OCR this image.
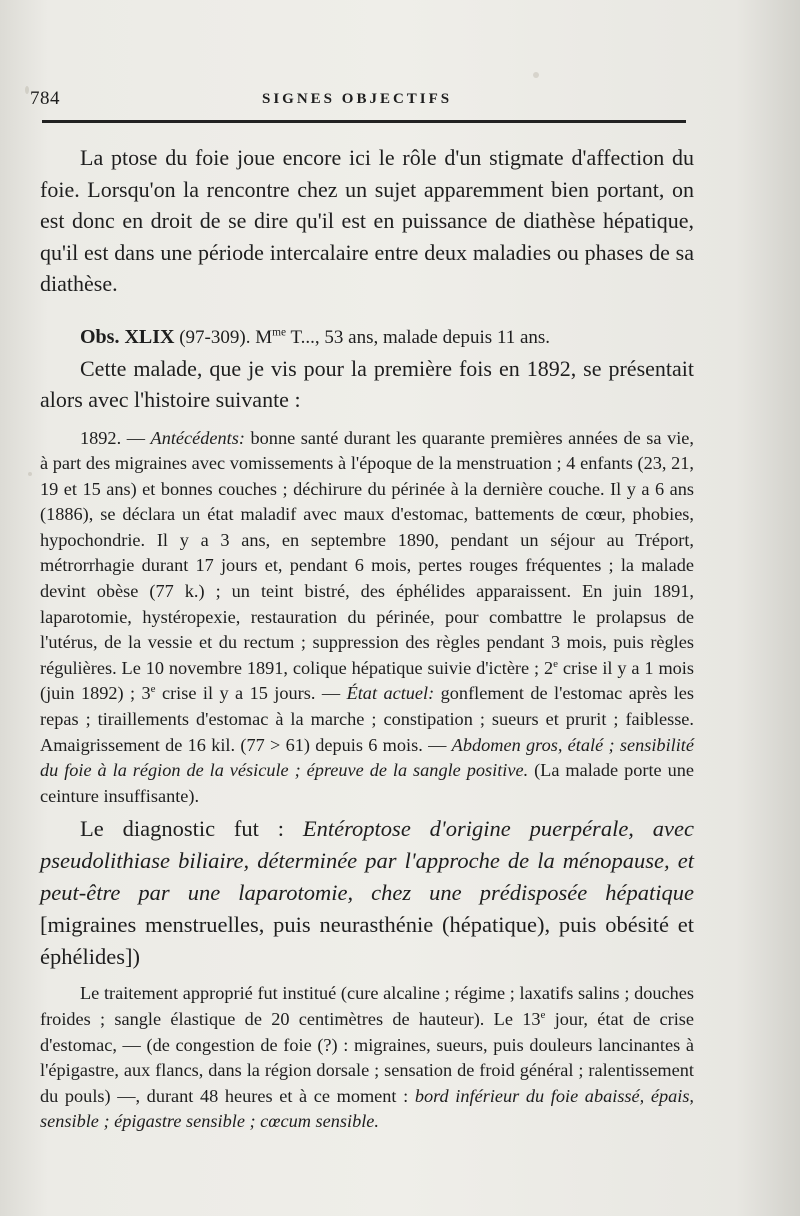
784	SIGNES OBJECTIFS

La ptose du foie joue encore ici le rôle d'un stigmate d'affection du foie. Lorsqu'on la rencontre chez un sujet apparemment bien portant, on est donc en droit de se dire qu'il est en puissance de diathèse hépatique, qu'il est dans une période intercalaire entre deux maladies ou phases de sa diathèse.

Obs. XLIX (97-309). $M^{me}$ T..., 53 ans, malade depuis 11 ans.

Cette malade, que je vis pour la première fois en 1892, se présentait alors avec l'histoire suivante :

1892. — Antécédents: bonne santé durant les quarante premières années de sa vie, à part des migraines avec vomissements à l'époque de la menstruation ; 4 enfants (23, 21, 19 et 15 ans) et bonnes couches ; déchirure du périnée à la dernière couche. Il y a 6 ans (1886), se déclara un état maladif avec maux d'estomac, battements de cœur, phobies, hypochondrie. Il y a 3 ans, en septembre 1890, pendant un séjour au Tréport, métrorrhagie durant 17 jours et, pendant 6 mois, pertes rouges fréquentes ; la malade devint obèse (77 k.) ; un teint bistré, des éphélides apparaissent. En juin 1891, laparotomie, hystéropexie, restauration du périnée, pour combattre le prolapsus de l'utérus, de la vessie et du rectum ; suppression des règles pendant 3 mois, puis règles régulières. Le 10 novembre 1891, colique hépatique suivie d'ictère ; 2e crise il y a 1 mois (juin 1892) ; 3e crise il y a 15 jours. — État actuel: gonflement de l'estomac après les repas ; tiraillements d'estomac à la marche ; constipation ; sueurs et prurit ; faiblesse. Amaigrissement de 16 kil. (77 > 61) depuis 6 mois. — Abdomen gros, étalé ; sensibilité du foie à la région de la vésicule ; épreuve de la sangle positive. (La malade porte une ceinture insuffisante).

Le diagnostic fut : Entéroptose d'origine puerpérale, avec pseudolithiase biliaire, déterminée par l'approche de la ménopause, et peut-être par une laparotomie, chez une prédisposée hépatique [migraines menstruelles, puis neurasthénie (hépatique), puis obésité et éphélides])

Le traitement approprié fut institué (cure alcaline ; régime ; laxatifs salins ; douches froides ; sangle élastique de 20 centimètres de hauteur). Le 13e jour, état de crise d'estomac, — (de congestion de foie (?) : migraines, sueurs, puis douleurs lancinantes à l'épigastre, aux flancs, dans la région dorsale ; sensation de froid général ; ralentissement du pouls) —, durant 48 heures et à ce moment : bord inférieur du foie abaissé, épais, sensible ; épigastre sensible ; cœcum sensible.
